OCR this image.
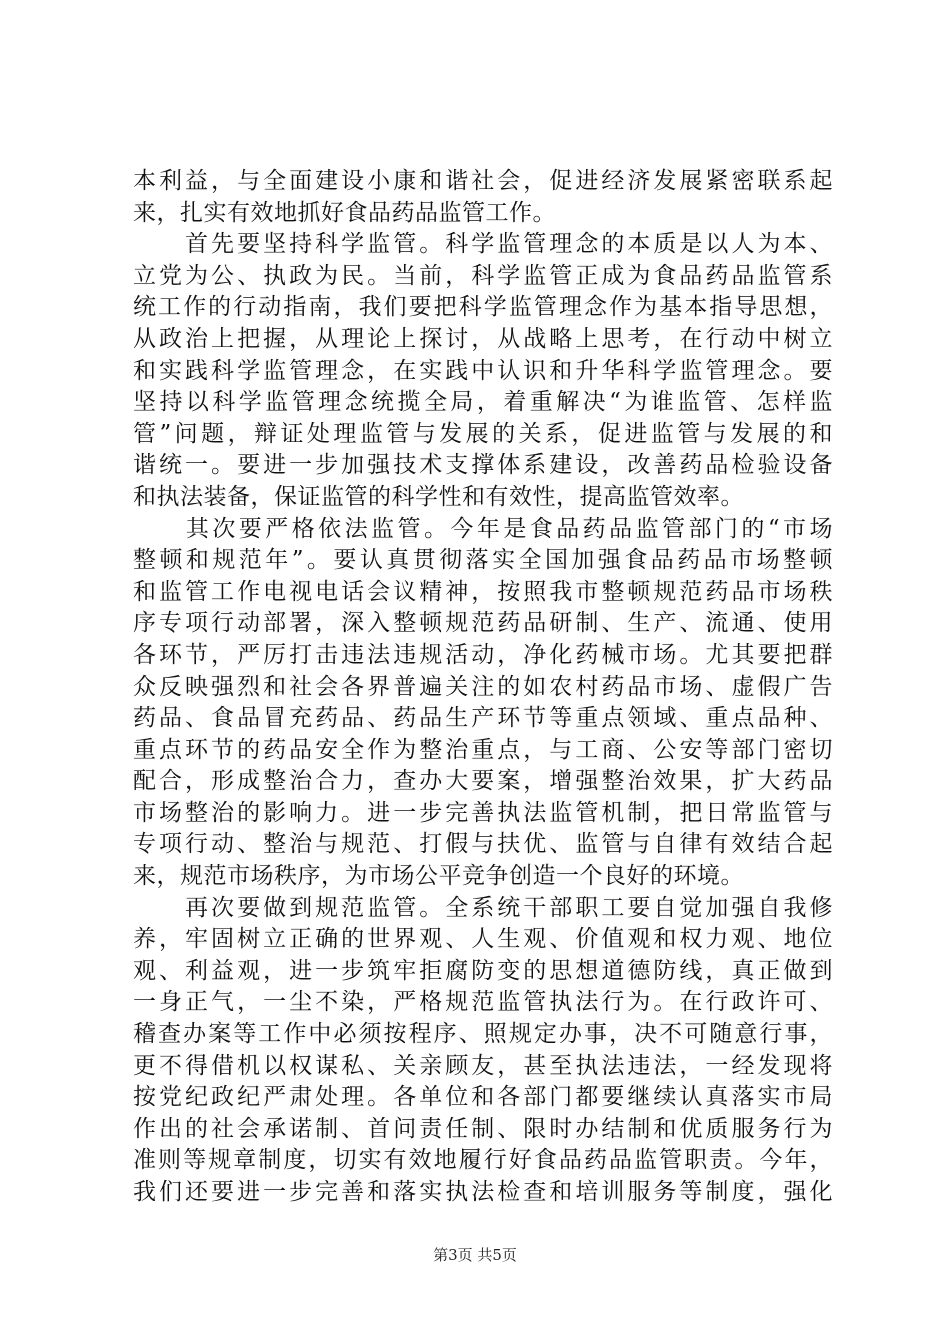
本利益，与全面建设小康和谐社会，促进经济发展紧密联系起
来，扎实有效地抓好食品药品监管工作。
　　首先要坚持科学监管。科学监管理念的本质是以人为本、
立党为公、执政为民。当前，科学监管正成为食品药品监管系
统工作的行动指南，我们要把科学监管理念作为基本指导思想，
从政治上把握，从理论上探讨，从战略上思考，在行动中树立
和实践科学监管理念，在实践中认识和升华科学监管理念。要
坚持以科学监管理念统揽全局，着重解决“为谁监管、怎样监
管”问题，辩证处理监管与发展的关系，促进监管与发展的和
谐统一。要进一步加强技术支撑体系建设，改善药品检验设备
和执法装备，保证监管的科学性和有效性，提高监管效率。
　　其次要严格依法监管。今年是食品药品监管部门的“市场
整顿和规范年”。要认真贯彻落实全国加强食品药品市场整顿
和监管工作电视电话会议精神，按照我市整顿规范药品市场秩
序专项行动部署，深入整顿规范药品研制、生产、流通、使用
各环节，严厉打击违法违规活动，净化药械市场。尤其要把群
众反映强烈和社会各界普遍关注的如农村药品市场、虚假广告
药品、食品冒充药品、药品生产环节等重点领域、重点品种、
重点环节的药品安全作为整治重点，与工商、公安等部门密切
配合，形成整治合力，查办大要案，增强整治效果，扩大药品
市场整治的影响力。进一步完善执法监管机制，把日常监管与
专项行动、整治与规范、打假与扶优、监管与自律有效结合起
来，规范市场秩序，为市场公平竞争创造一个良好的环境。
　　再次要做到规范监管。全系统干部职工要自觉加强自我修
养，牢固树立正确的世界观、人生观、价值观和权力观、地位
观、利益观，进一步筑牢拒腐防变的思想道德防线，真正做到
一身正气，一尘不染，严格规范监管执法行为。在行政许可、
稽查办案等工作中必须按程序、照规定办事，决不可随意行事，
更不得借机以权谋私、关亲顾友，甚至执法违法，一经发现将
按党纪政纪严肃处理。各单位和各部门都要继续认真落实市局
作出的社会承诺制、首问责任制、限时办结制和优质服务行为
准则等规章制度，切实有效地履行好食品药品监管职责。今年，
我们还要进一步完善和落实执法检查和培训服务等制度，强化
第3页 共5页
